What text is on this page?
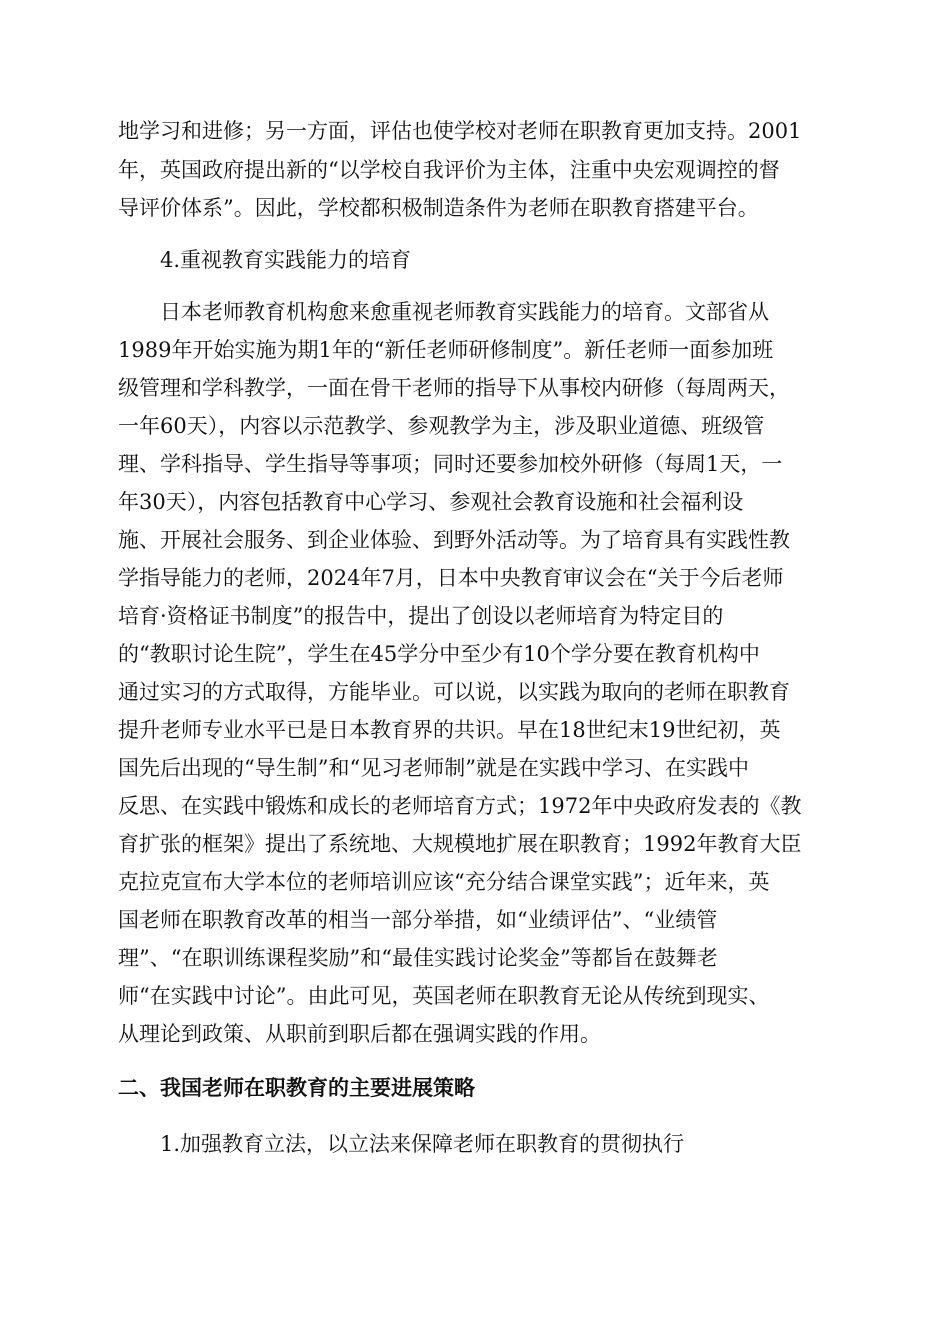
地学习和进修；另一方面，评估也使学校对老师在职教育更加支持。2001
年，英国政府提出新的“以学校自我评价为主体，注重中央宏观调控的督
导评价体系”。因此，学校都积极制造条件为老师在职教育搭建平台。
4.重视教育实践能力的培育
日本老师教育机构愈来愈重视老师教育实践能力的培育。文部省从
1989年开始实施为期1年的“新任老师研修制度”。新任老师一面参加班
级管理和学科教学，一面在骨干老师的指导下从事校内研修（每周两天，
一年60天），内容以示范教学、参观教学为主，涉及职业道德、班级管
理、学科指导、学生指导等事项；同时还要参加校外研修（每周1天，一
年30天），内容包括教育中心学习、参观社会教育设施和社会福利设
施、开展社会服务、到企业体验、到野外活动等。为了培育具有实践性教
学指导能力的老师，2024年7月，日本中央教育审议会在“关于今后老师
培育·资格证书制度”的报告中，提出了创设以老师培育为特定目的
的“教职讨论生院”，学生在45学分中至少有10个学分要在教育机构中
通过实习的方式取得，方能毕业。可以说，以实践为取向的老师在职教育
提升老师专业水平已是日本教育界的共识。早在18世纪末19世纪初，英
国先后出现的“导生制”和“见习老师制”就是在实践中学习、在实践中
反思、在实践中锻炼和成长的老师培育方式；1972年中央政府发表的《教
育扩张的框架》提出了系统地、大规模地扩展在职教育；1992年教育大臣
克拉克宣布大学本位的老师培训应该“充分结合课堂实践”；近年来，英
国老师在职教育改革的相当一部分举措，如“业绩评估”、“业绩管
理”、“在职训练课程奖励”和“最佳实践讨论奖金”等都旨在鼓舞老
师“在实践中讨论”。由此可见，英国老师在职教育无论从传统到现实、
从理论到政策、从职前到职后都在强调实践的作用。
二、我国老师在职教育的主要进展策略
1.加强教育立法，以立法来保障老师在职教育的贯彻执行
